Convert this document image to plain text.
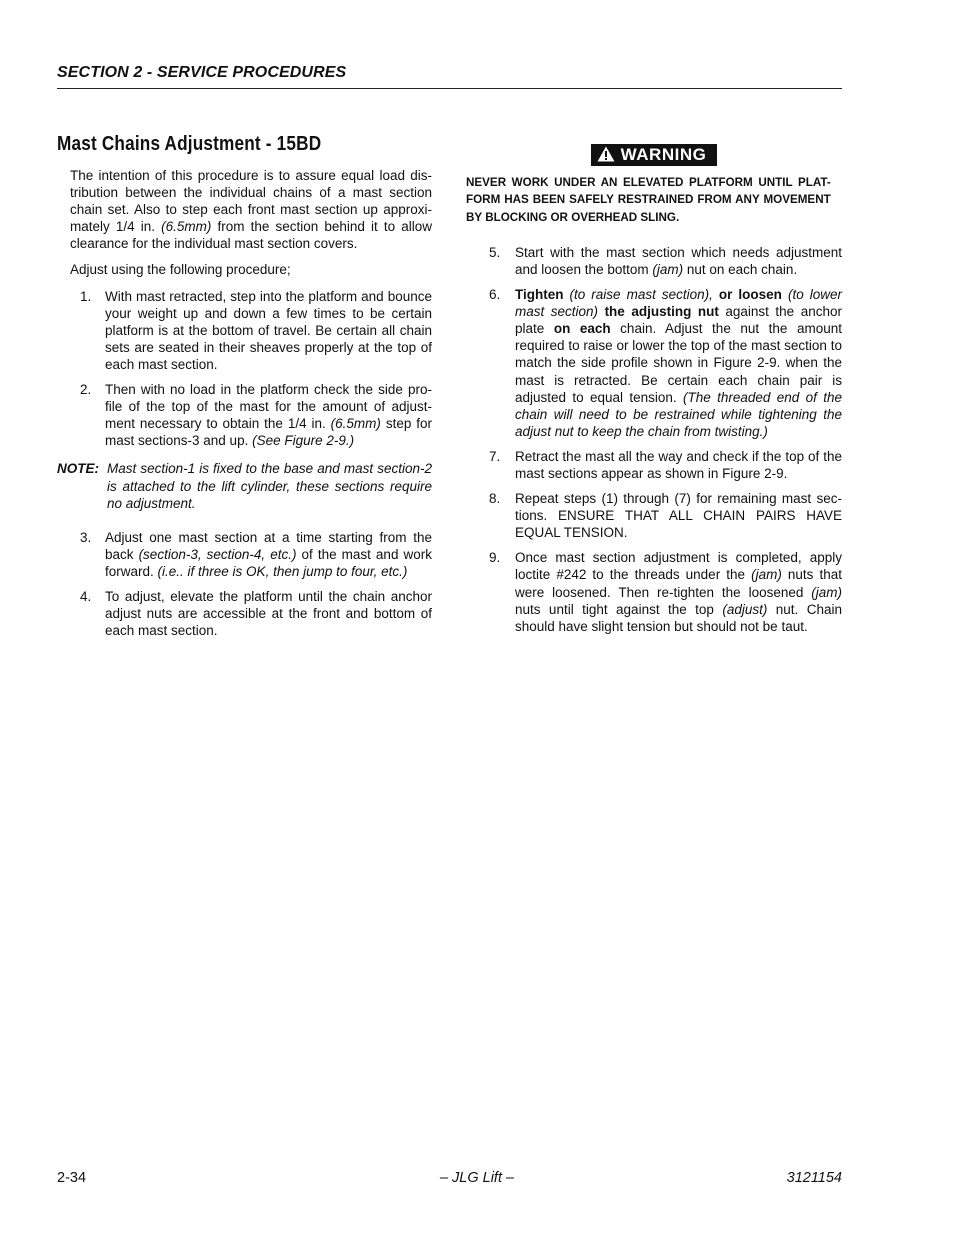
SECTION 2 - SERVICE PROCEDURES
Mast Chains Adjustment - 15BD

The intention of this procedure is to assure equal load dis-tribution between the individual chains of a mast section chain set. Also to step each front mast section up approxi-mately 1/4 in. (6.5mm) from the section behind it to allow clearance for the individual mast section covers.

Adjust using the following procedure;

1. With mast retracted, step into the platform and bounce your weight up and down a few times to be certain platform is at the bottom of travel. Be certain all chain sets are seated in their sheaves properly at the top of each mast section.
2. Then with no load in the platform check the side pro-file of the top of the mast for the amount of adjust-ment necessary to obtain the 1/4 in. (6.5mm) step for mast sections-3 and up. (See Figure 2-9.)
NOTE: Mast section-1 is fixed to the base and mast section-2 is attached to the lift cylinder, these sections require no adjustment.
3. Adjust one mast section at a time starting from the back (section-3, section-4, etc.) of the mast and work forward. (i.e.. if three is OK, then jump to four, etc.)
4. To adjust, elevate the platform until the chain anchor adjust nuts are accessible at the front and bottom of each mast section.
WARNING
NEVER WORK UNDER AN ELEVATED PLATFORM UNTIL PLAT-FORM HAS BEEN SAFELY RESTRAINED FROM ANY MOVEMENT BY BLOCKING OR OVERHEAD SLING.
5. Start with the mast section which needs adjustment and loosen the bottom (jam) nut on each chain.
6. Tighten (to raise mast section), or loosen (to lower mast section) the adjusting nut against the anchor plate on each chain. Adjust the nut the amount required to raise or lower the top of the mast section to match the side profile shown in Figure 2-9. when the mast is retracted. Be certain each chain pair is adjusted to equal tension. (The threaded end of the chain will need to be restrained while tightening the adjust nut to keep the chain from twisting.)
7. Retract the mast all the way and check if the top of the mast sections appear as shown in Figure 2-9.
8. Repeat steps (1) through (7) for remaining mast sec-tions. ENSURE THAT ALL CHAIN PAIRS HAVE EQUAL TENSION.
9. Once mast section adjustment is completed, apply loctite #242 to the threads under the (jam) nuts that were loosened. Then re-tighten the loosened (jam) nuts until tight against the top (adjust) nut. Chain should have slight tension but should not be taut.
– JLG Lift –
2-34	3121154
